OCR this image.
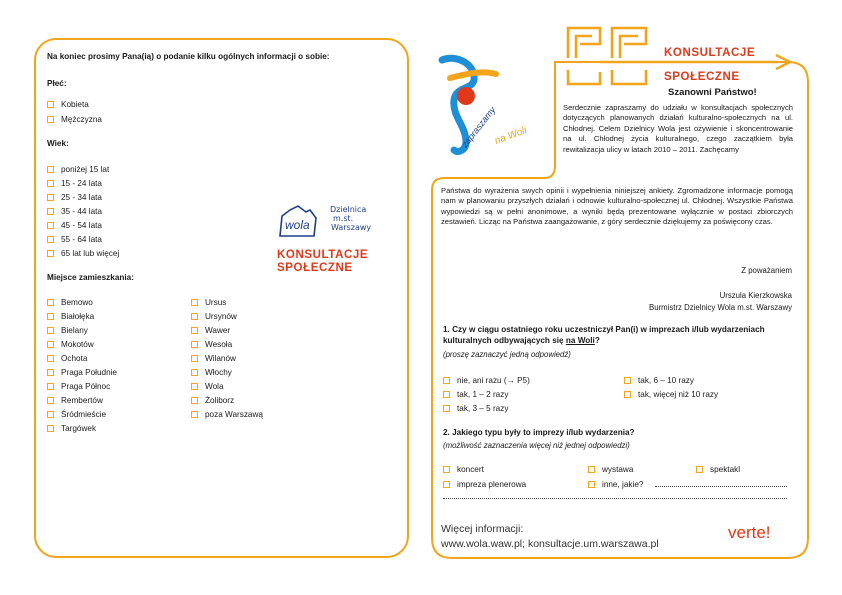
Na koniec prosimy Pana(ią) o podanie kilku ogólnych informacji o sobie:
Płeć:
Kobieta
Mężczyzna
Wiek:
poniżej 15 lat
15 - 24 lata
25 - 34 lata
35 - 44 lata
45 - 54 lata
55 - 64 lata
65 lat lub więcej
Miejsce zamieszkania:
Bemowo
Białołęka
Bielany
Mokotów
Ochota
Praga Południe
Praga Północ
Rembertów
Śródmieście
Targówek
Ursus
Ursynów
Wawer
Wesoła
Wilanów
Włochy
Wola
Żoliborz
poza Warszawą
wola
Dzielnica
m.st.
Warszawy
KONSULTACJE
SPOŁECZNE
KONSULTACJE
SPOŁECZNE
zapraszamy
na Woli
Szanowni Państwo!
Serdecznie zapraszamy do udziału w konsultacjach społecznych dotyczących planowanych działań kulturalno-społecznych na ul. Chłodnej. Celem Dzielnicy Wola jest ożywienie i skoncentrowanie na ul. Chłodnej życia kulturalnego, czego zaczątkiem była rewitalizacja ulicy w latach 2010 – 2011. Zachęcamy
Państwa do wyrażenia swych opinii i wypełnienia niniejszej ankiety. Zgromadzone informacje pomogą nam w planowaniu przyszłych działań i odnowie kulturalno-społecznej ul. Chłodnej. Wszystkie Państwa wypowiedzi są w pełni anonimowe, a wyniki będą prezentowane wyłącznie w postaci zbiorczych zestawień. Licząc na Państwa zaangażowanie, z góry serdecznie dziękujemy za poświęcony czas.
Z poważaniem
Urszula Kierzkowska
Burmistrz Dzielnicy Wola m.st. Warszawy
1. Czy w ciągu ostatniego roku uczestniczył Pan(i) w imprezach i/lub wydarzeniach kulturalnych odbywających się na Woli?
(proszę zaznaczyć jedną odpowiedź)
nie, ani razu (→ P5)
tak, 1 – 2 razy
tak, 3 – 5 razy
tak, 6 – 10 razy
tak, więcej niż 10 razy
2. Jakiego typu były to imprezy i/lub wydarzenia?
(możliwość zaznaczenia więcej niż jednej odpowiedzi)
koncert
impreza plenerowa
wystawa
inne, jakie?
spektakl
Więcej informacji:
www.wola.waw.pl; konsultacje.um.warszawa.pl
verte!
